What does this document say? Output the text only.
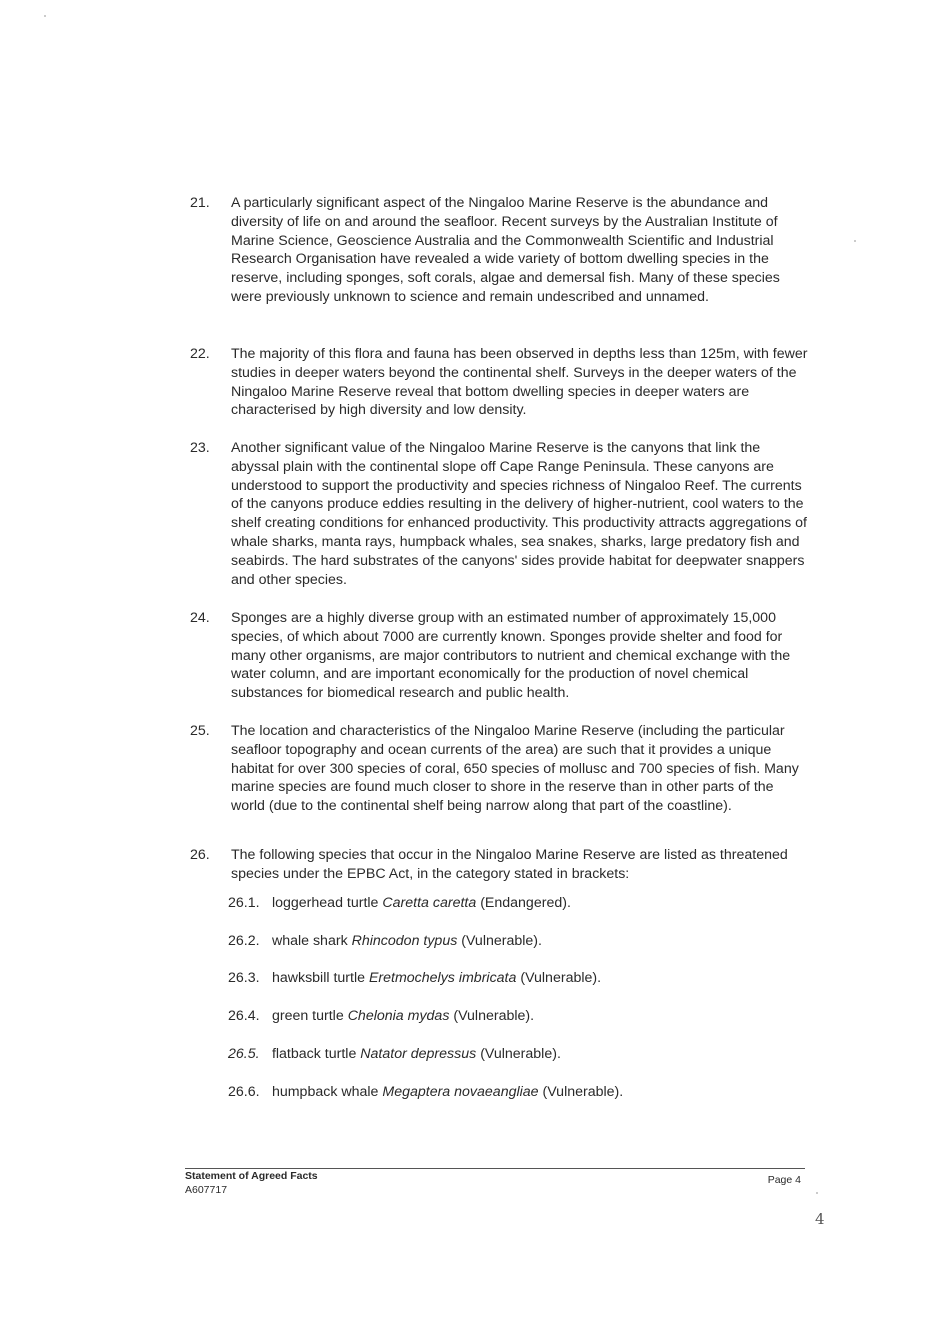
21.	A particularly significant aspect of the Ningaloo Marine Reserve is the abundance and diversity of life on and around the seafloor. Recent surveys by the Australian Institute of Marine Science, Geoscience Australia and the Commonwealth Scientific and Industrial Research Organisation have revealed a wide variety of bottom dwelling species in the reserve, including sponges, soft corals, algae and demersal fish. Many of these species were previously unknown to science and remain undescribed and unnamed.
22.	The majority of this flora and fauna has been observed in depths less than 125m, with fewer studies in deeper waters beyond the continental shelf. Surveys in the deeper waters of the Ningaloo Marine Reserve reveal that bottom dwelling species in deeper waters are characterised by high diversity and low density.
23.	Another significant value of the Ningaloo Marine Reserve is the canyons that link the abyssal plain with the continental slope off Cape Range Peninsula. These canyons are understood to support the productivity and species richness of Ningaloo Reef. The currents of the canyons produce eddies resulting in the delivery of higher-nutrient, cool waters to the shelf creating conditions for enhanced productivity. This productivity attracts aggregations of whale sharks, manta rays, humpback whales, sea snakes, sharks, large predatory fish and seabirds. The hard substrates of the canyons' sides provide habitat for deepwater snappers and other species.
24.	Sponges are a highly diverse group with an estimated number of approximately 15,000 species, of which about 7000 are currently known. Sponges provide shelter and food for many other organisms, are major contributors to nutrient and chemical exchange with the water column, and are important economically for the production of novel chemical substances for biomedical research and public health.
25.	The location and characteristics of the Ningaloo Marine Reserve (including the particular seafloor topography and ocean currents of the area) are such that it provides a unique habitat for over 300 species of coral, 650 species of mollusc and 700 species of fish. Many marine species are found much closer to shore in the reserve than in other parts of the world (due to the continental shelf being narrow along that part of the coastline).
26.	The following species that occur in the Ningaloo Marine Reserve are listed as threatened species under the EPBC Act, in the category stated in brackets:
26.1. loggerhead turtle Caretta caretta (Endangered).
26.2. whale shark Rhincodon typus (Vulnerable).
26.3. hawksbill turtle Eretmochelys imbricata (Vulnerable).
26.4. green turtle Chelonia mydas (Vulnerable).
26.5. flatback turtle Natator depressus (Vulnerable).
26.6. humpback whale Megaptera novaeangliae (Vulnerable).
Statement of Agreed Facts
A607717
Page 4
4
